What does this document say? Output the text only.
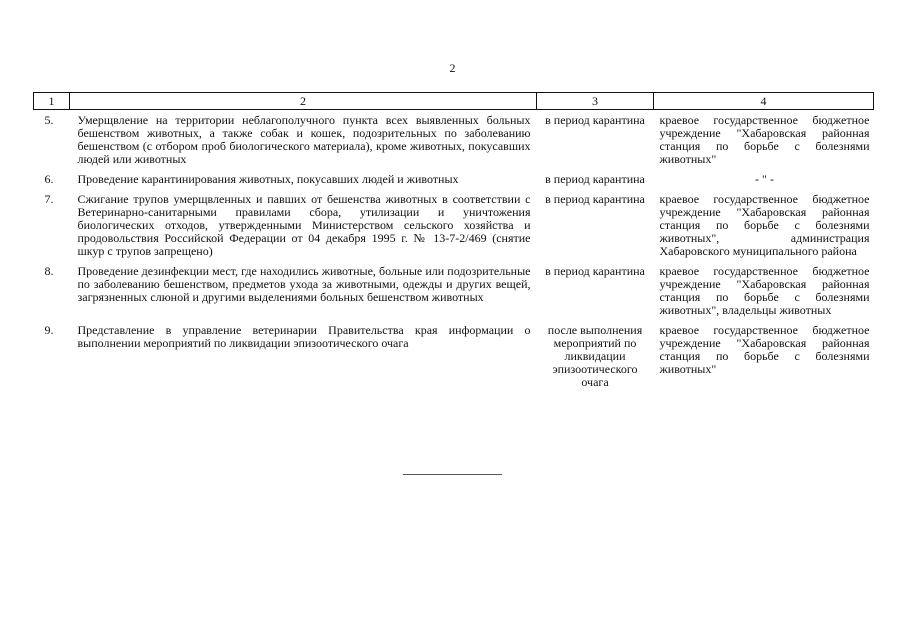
2
1	2	3	4
5.	Умерщвление на территории неблагополучного пункта всех выявленных больных бешенством животных, а также собак и кошек, подозрительных по заболеванию бешенством (с отбором проб биологического материала), кроме животных, покусавших людей или животных	в период карантина	краевое государственное бюджетное учреждение "Хабаровская районная станция по борьбе с болезнями животных"
6.	Проведение карантинирования животных, покусавших людей и животных	в период карантина	- " -
7.	Сжигание трупов умерщвленных и павших от бешенства животных в соответствии с Ветеринарно-санитарными правилами сбора, утилизации и уничтожения биологических отходов, утвержденными Министерством сельского хозяйства и продовольствия Российской Федерации от 04 декабря 1995 г. № 13-7-2/469 (снятие шкур с трупов запрещено)	в период карантина	краевое государственное бюджетное учреждение "Хабаровская районная станция по борьбе с болезнями животных", администрация Хабаровского муниципального района
8.	Проведение дезинфекции мест, где находились животные, больные или подозрительные по заболеванию бешенством, предметов ухода за животными, одежды и других вещей, загрязненных слюной и другими выделениями больных бешенством животных	в период карантина	краевое государственное бюджетное учреждение "Хабаровская районная станция по борьбе с болезнями животных", владельцы животных
9.	Представление в управление ветеринарии Правительства края информации о выполнении мероприятий по ликвидации эпизоотического очага	после выполнения мероприятий по ликвидации эпизоотического очага	краевое государственное бюджетное учреждение "Хабаровская районная станция по борьбе с болезнями животных"
